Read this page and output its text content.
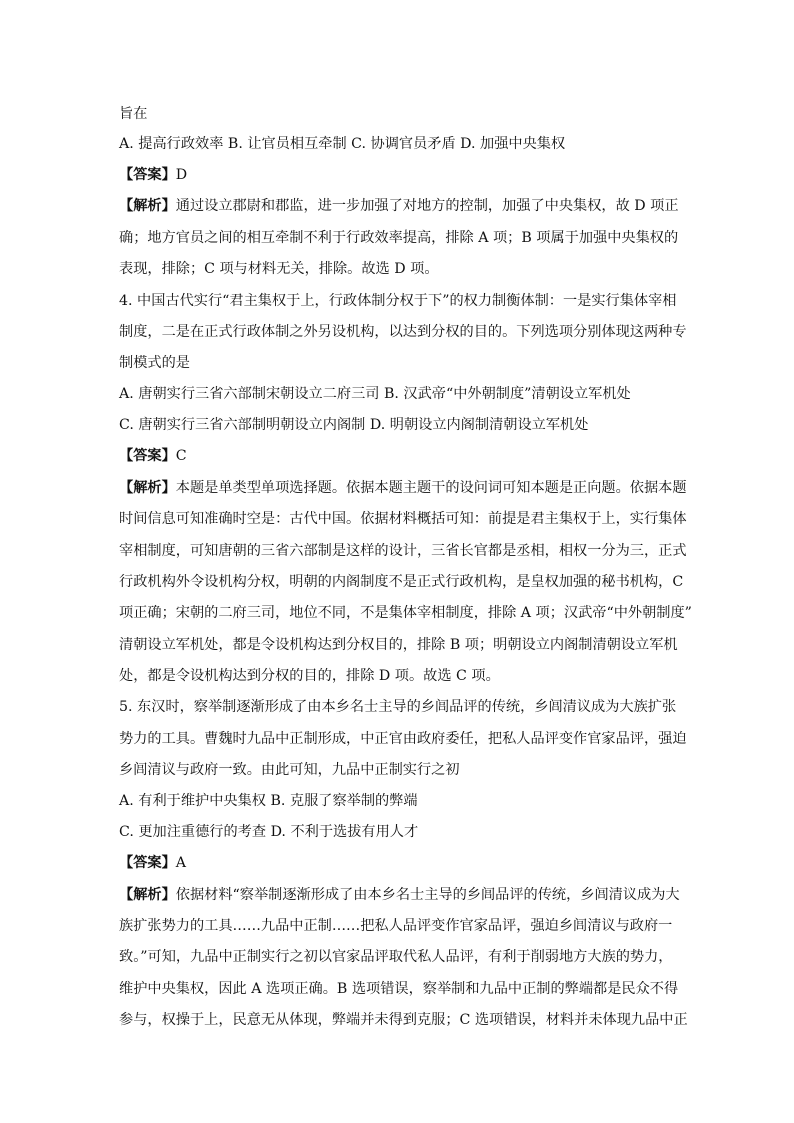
旨在
A. 提高行政效率 B. 让官员相互牵制 C. 协调官员矛盾 D. 加强中央集权
【答案】D
【解析】通过设立郡尉和郡监，进一步加强了对地方的控制，加强了中央集权，故 D 项正
确；地方官员之间的相互牵制不利于行政效率提高，排除 A 项；B 项属于加强中央集权的
表现，排除；C 项与材料无关，排除。故选 D 项。
4. 中国古代实行“君主集权于上，行政体制分权于下”的权力制衡体制：一是实行集体宰相
制度，二是在正式行政体制之外另设机构，以达到分权的目的。下列选项分别体现这两种专
制模式的是
A. 唐朝实行三省六部制宋朝设立二府三司 B. 汉武帝“中外朝制度”清朝设立军机处
C. 唐朝实行三省六部制明朝设立内阁制 D. 明朝设立内阁制清朝设立军机处
【答案】C
【解析】本题是单类型单项选择题。依据本题主题干的设问词可知本题是正向题。依据本题
时间信息可知准确时空是：古代中国。依据材料概括可知：前提是君主集权于上，实行集体
宰相制度，可知唐朝的三省六部制是这样的设计，三省长官都是丞相，相权一分为三，正式
行政机构外令设机构分权，明朝的内阁制度不是正式行政机构，是皇权加强的秘书机构，C
项正确；宋朝的二府三司，地位不同，不是集体宰相制度，排除 A 项；汉武帝“中外朝制度”
清朝设立军机处，都是令设机构达到分权目的，排除 B 项；明朝设立内阁制清朝设立军机
处，都是令设机构达到分权的目的，排除 D 项。故选 C 项。
5. 东汉时，察举制逐渐形成了由本乡名士主导的乡闾品评的传统，乡闾清议成为大族扩张
势力的工具。曹魏时九品中正制形成，中正官由政府委任，把私人品评变作官家品评，强迫
乡闾清议与政府一致。由此可知，九品中正制实行之初
A. 有利于维护中央集权 B. 克服了察举制的弊端
C. 更加注重德行的考查 D. 不利于选拔有用人才
【答案】A
【解析】依据材料“察举制逐渐形成了由本乡名士主导的乡闾品评的传统，乡闾清议成为大
族扩张势力的工具……九品中正制……把私人品评变作官家品评，强迫乡闾清议与政府一
致。”可知，九品中正制实行之初以官家品评取代私人品评，有利于削弱地方大族的势力，
维护中央集权，因此 A 选项正确。B 选项错误，察举制和九品中正制的弊端都是民众不得
参与，权操于上，民意无从体现，弊端并未得到克服；C 选项错误，材料并未体现九品中正
